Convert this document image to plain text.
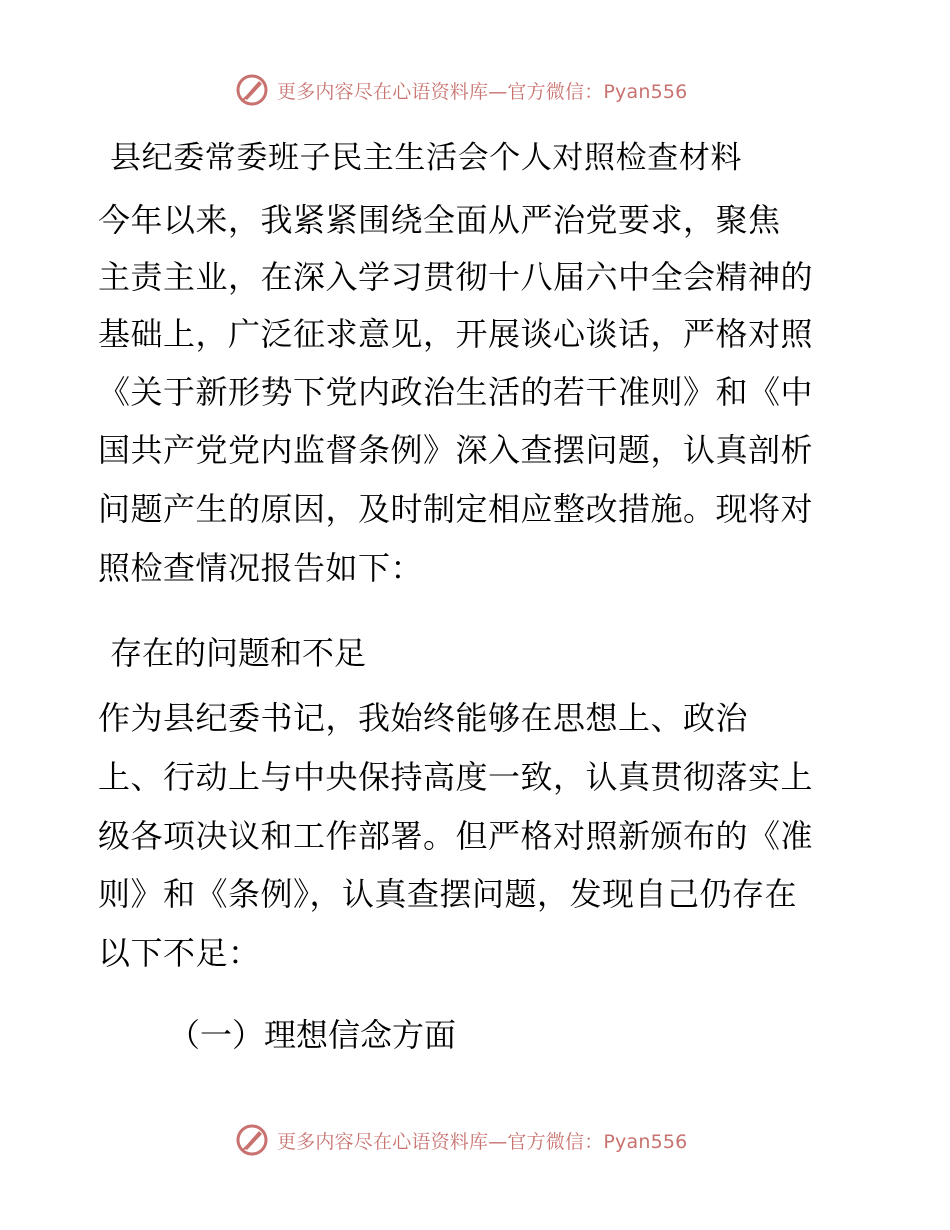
更多内容尽在心语资料库—官方微信：Pyan556
县纪委常委班子民主生活会个人对照检查材料
今年以来，我紧紧围绕全面从严治党要求，聚焦
主责主业，在深入学习贯彻十八届六中全会精神的
基础上，广泛征求意见，开展谈心谈话，严格对照
《关于新形势下党内政治生活的若干准则》和《中
国共产党党内监督条例》深入查摆问题，认真剖析
问题产生的原因，及时制定相应整改措施。现将对
照检查情况报告如下：
存在的问题和不足
作为县纪委书记，我始终能够在思想上、政治
上、行动上与中央保持高度一致，认真贯彻落实上
级各项决议和工作部署。但严格对照新颁布的《准
则》和《条例》，认真查摆问题，发现自己仍存在
以下不足：
（一）理想信念方面
更多内容尽在心语资料库—官方微信：Pyan556
